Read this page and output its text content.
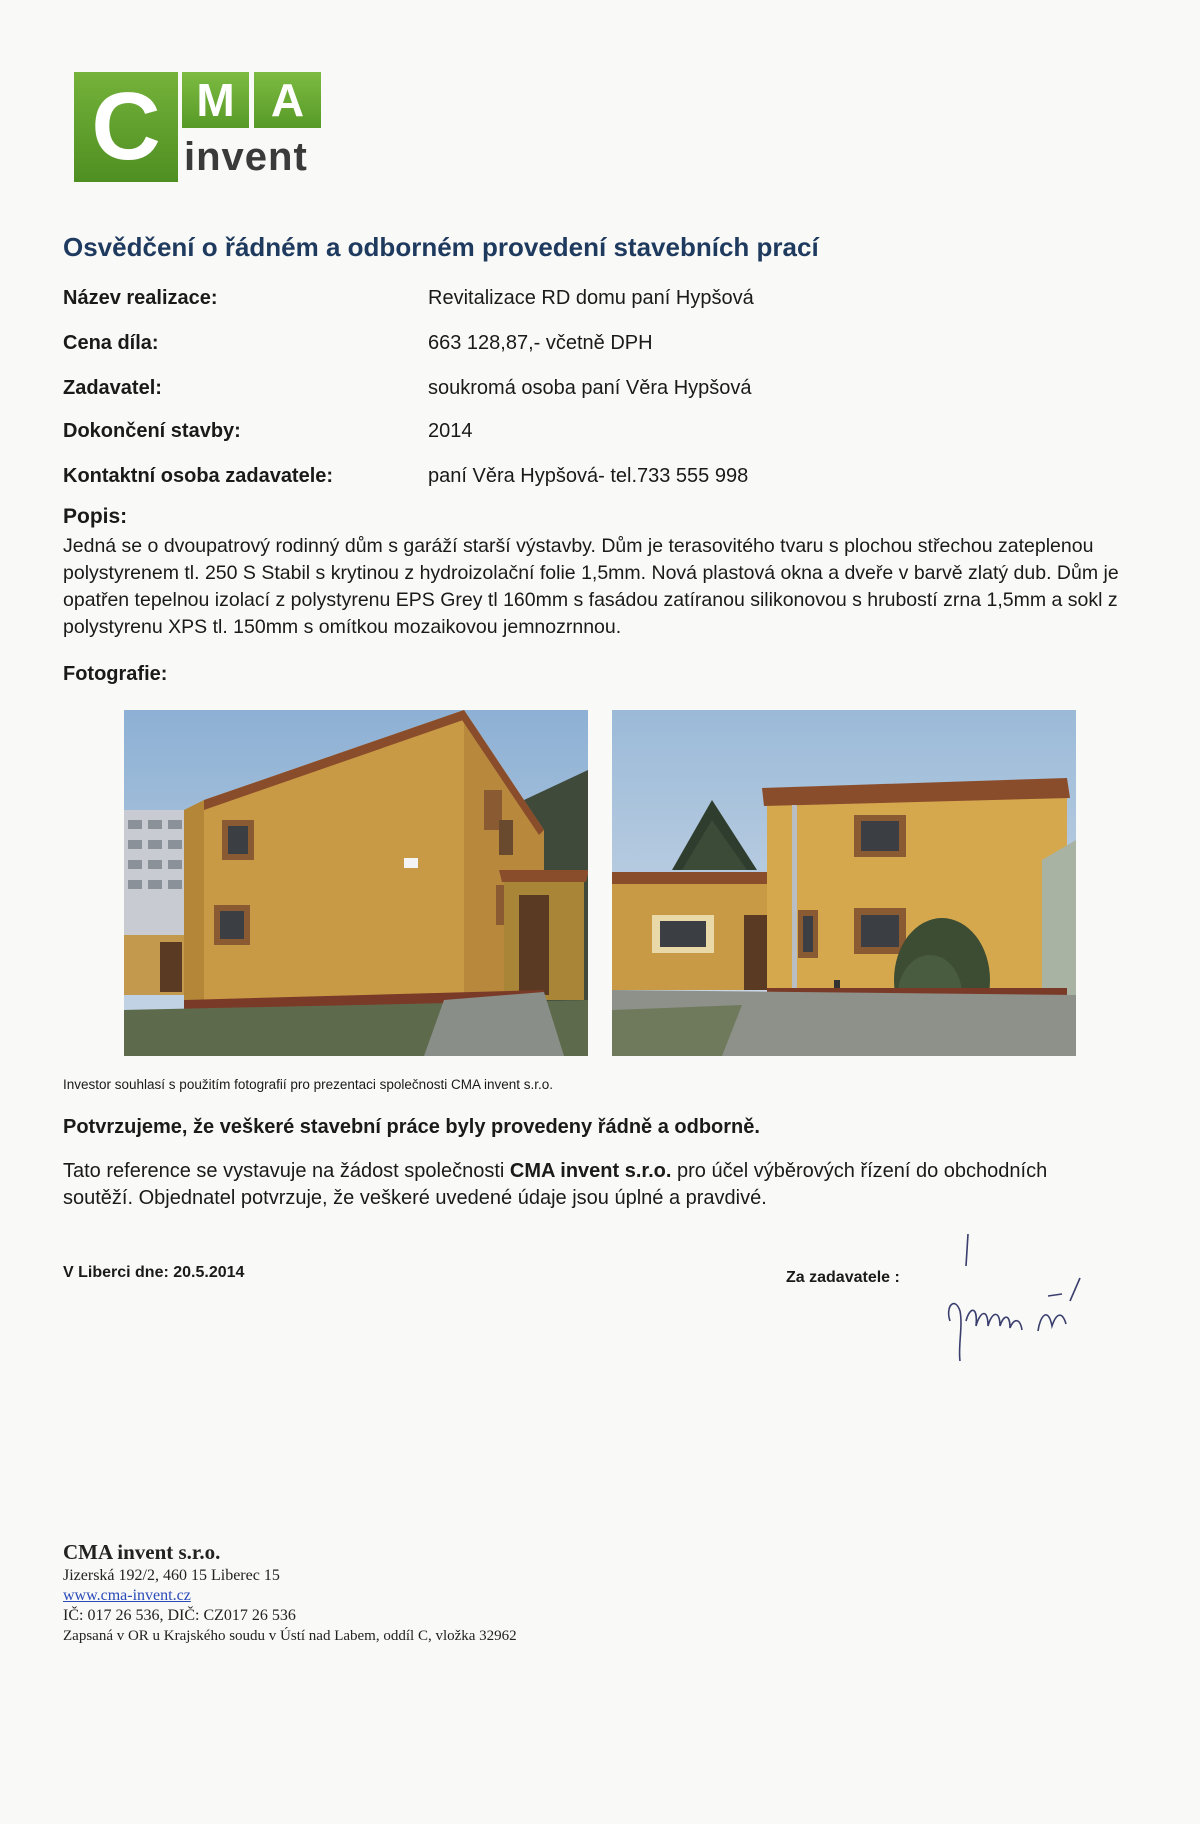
C M A
invent
Osvědčení o řádném a odborném provedení stavebních prací
Název realizace:	Revitalizace RD domu paní Hypšová
Cena díla:	663 128,87,- včetně DPH
Zadavatel:	soukromá osoba paní Věra Hypšová
Dokončení stavby:	2014
Kontaktní osoba zadavatele:	paní Věra Hypšová- tel.733 555 998
Popis:
Jedná se o dvoupatrový rodinný dům s garáží starší výstavby. Dům je terasovitého tvaru s plochou střechou zateplenou polystyrenem tl. 250 S Stabil s krytinou z hydroizolační folie 1,5mm. Nová plastová okna a dveře v barvě zlatý dub. Dům je opatřen tepelnou izolací z polystyrenu EPS Grey tl 160mm s fasádou zatíranou silikonovou s hrubostí zrna 1,5mm a sokl z polystyrenu XPS tl. 150mm s omítkou mozaikovou jemnozrnnou.
Fotografie:
Investor souhlasí s použitím fotografií pro prezentaci společnosti CMA invent s.r.o.
Potvrzujeme, že veškeré stavební práce byly provedeny řádně a odborně.
Tato reference se vystavuje na žádost společnosti CMA invent s.r.o. pro účel výběrových řízení do obchodních soutěží. Objednatel potvrzuje, že veškeré uvedené údaje jsou úplné a pravdivé.
V Liberci dne: 20.5.2014	Za zadavatele :
CMA invent s.r.o.
Jizerská 192/2, 460 15 Liberec 15
www.cma-invent.cz
IČ: 017 26 536, DIČ: CZ017 26 536
Zapsaná v OR u Krajského soudu v Ústí nad Labem, oddíl C, vložka 32962
